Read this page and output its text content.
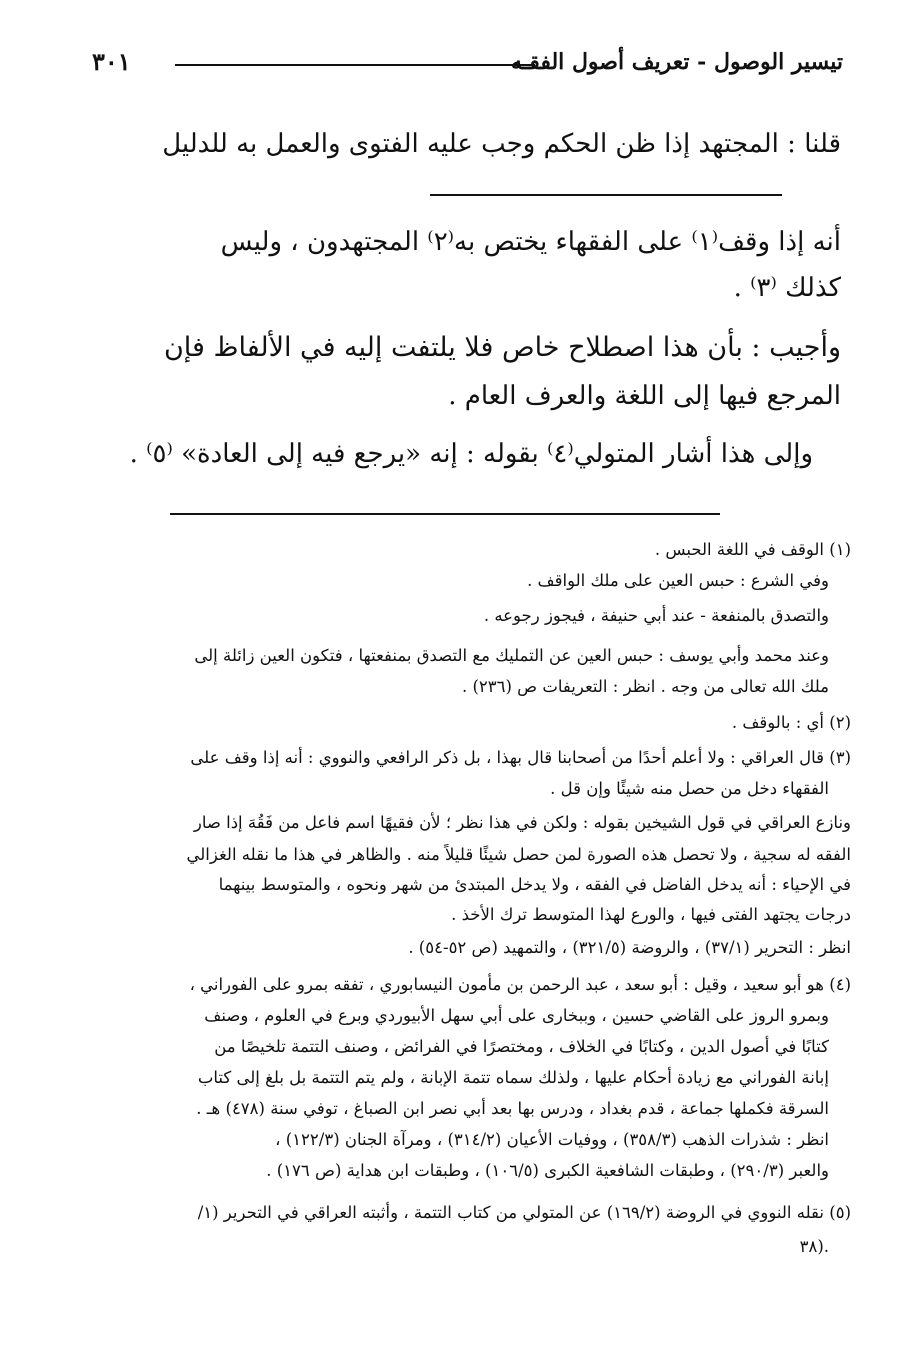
تيسير الوصول - تعريف أصول الفقـه
٣٠١
قلنا : المجتهد إذا ظن الحكم وجب عليه الفتوى والعمل به للدليل
أنه إذا وقف⁽١⁾ على الفقهاء يختص به⁽٢⁾ المجتهدون ، وليس
كذلك ⁽٣⁾ .
وأجيب : بأن هذا اصطلاح خاص فلا يلتفت إليه في الألفاظ فإن
المرجع فيها إلى اللغة والعرف العام .
وإلى هذا أشار المتولي⁽٤⁾ بقوله : إنه «يرجع فيه إلى العادة» ⁽٥⁾ .
(١) الوقف في اللغة الحبس .
وفي الشرع : حبس العين على ملك الواقف .
والتصدق بالمنفعة - عند أبي حنيفة ، فيجوز رجوعه .
وعند محمد وأبي يوسف : حبس العين عن التمليك مع التصدق بمنفعتها ، فتكون العين زائلة إلى
ملك الله تعالى من وجه . انظر : التعريفات ص (٢٣٦) .
(٢) أي : بالوقف .
(٣) قال العراقي : ولا أعلم أحدًا من أصحابنا قال بهذا ، بل ذكر الرافعي والنووي : أنه إذا وقف على
الفقهاء دخل من حصل منه شيئًا وإن قل .
ونازع العراقي في قول الشيخين بقوله : ولكن في هذا نظر ؛ لأن فقيهًا اسم فاعل من فَقُهَ إذا صار
الفقه له سجية ، ولا تحصل هذه الصورة لمن حصل شيئًا قليلاً منه . والظاهر في هذا ما نقله الغزالي
في الإحياء : أنه يدخل الفاضل في الفقه ، ولا يدخل المبتدئ من شهر ونحوه ، والمتوسط بينهما
درجات يجتهد الفتى فيها ، والورع لهذا المتوسط ترك الأخذ .
انظر : التحرير (٣٧/١) ، والروضة (٣٢١/٥) ، والتمهيد (ص ٥٢-٥٤) .
(٤) هو أبو سعيد ، وقيل : أبو سعد ، عبد الرحمن بن مأمون النيسابوري ، تفقه بمرو على الفوراني ،
وبمرو الروز على القاضي حسين ، وببخارى على أبي سهل الأبيوردي وبرع في العلوم ، وصنف
كتابًا في أصول الدين ، وكتابًا في الخلاف ، ومختصرًا في الفرائض ، وصنف التتمة تلخيصًا من
إبانة الفوراني مع زيادة أحكام عليها ، ولذلك سماه تتمة الإبانة ، ولم يتم التتمة بل بلغ إلى كتاب
السرقة فكملها جماعة ، قدم بغداد ، ودرس بها بعد أبي نصر ابن الصباغ ، توفي سنة (٤٧٨) هـ .
انظر : شذرات الذهب (٣٥٨/٣) ، ووفيات الأعيان (٣١٤/٢) ، ومرآة الجنان (١٢٢/٣) ،
والعبر (٢٩٠/٣) ، وطبقات الشافعية الكبرى (١٠٦/٥) ، وطبقات ابن هداية (ص ١٧٦) .
(٥) نقله النووي في الروضة (١٦٩/٢) عن المتولي من كتاب التتمة ، وأثبته العراقي في التحرير (١/
٣٨).
